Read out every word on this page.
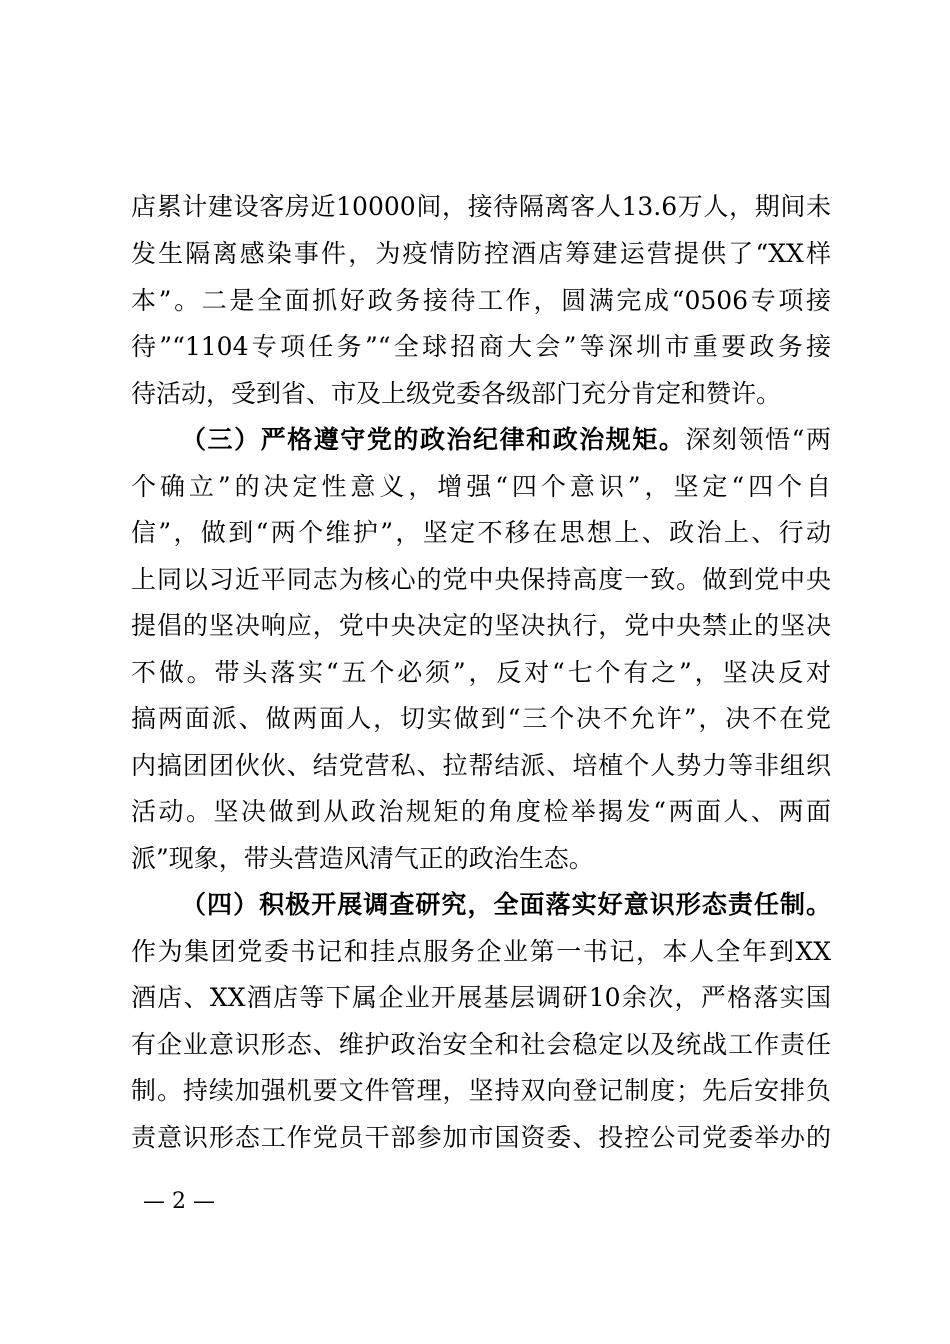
店累计建设客房近10000间，接待隔离客人13.6万人，期间未
发生隔离感染事件，为疫情防控酒店筹建运营提供了“XX样
本”。二是全面抓好政务接待工作，圆满完成“0506专项接
待”“1104专项任务”“全球招商大会”等深圳市重要政务接
待活动，受到省、市及上级党委各级部门充分肯定和赞许。
（三）严格遵守党的政治纪律和政治规矩。深刻领悟“两
个确立”的决定性意义，增强“四个意识”，坚定“四个自
信”，做到“两个维护”，坚定不移在思想上、政治上、行动
上同以习近平同志为核心的党中央保持高度一致。做到党中央
提倡的坚决响应，党中央决定的坚决执行，党中央禁止的坚决
不做。带头落实“五个必须”，反对“七个有之”，坚决反对
搞两面派、做两面人，切实做到“三个决不允许”，决不在党
内搞团团伙伙、结党营私、拉帮结派、培植个人势力等非组织
活动。坚决做到从政治规矩的角度检举揭发“两面人、两面
派”现象，带头营造风清气正的政治生态。
（四）积极开展调查研究，全面落实好意识形态责任制。
作为集团党委书记和挂点服务企业第一书记，本人全年到XX
酒店、XX酒店等下属企业开展基层调研10余次，严格落实国
有企业意识形态、维护政治安全和社会稳定以及统战工作责任
制。持续加强机要文件管理，坚持双向登记制度；先后安排负
责意识形态工作党员干部参加市国资委、投控公司党委举办的
— 2 —
